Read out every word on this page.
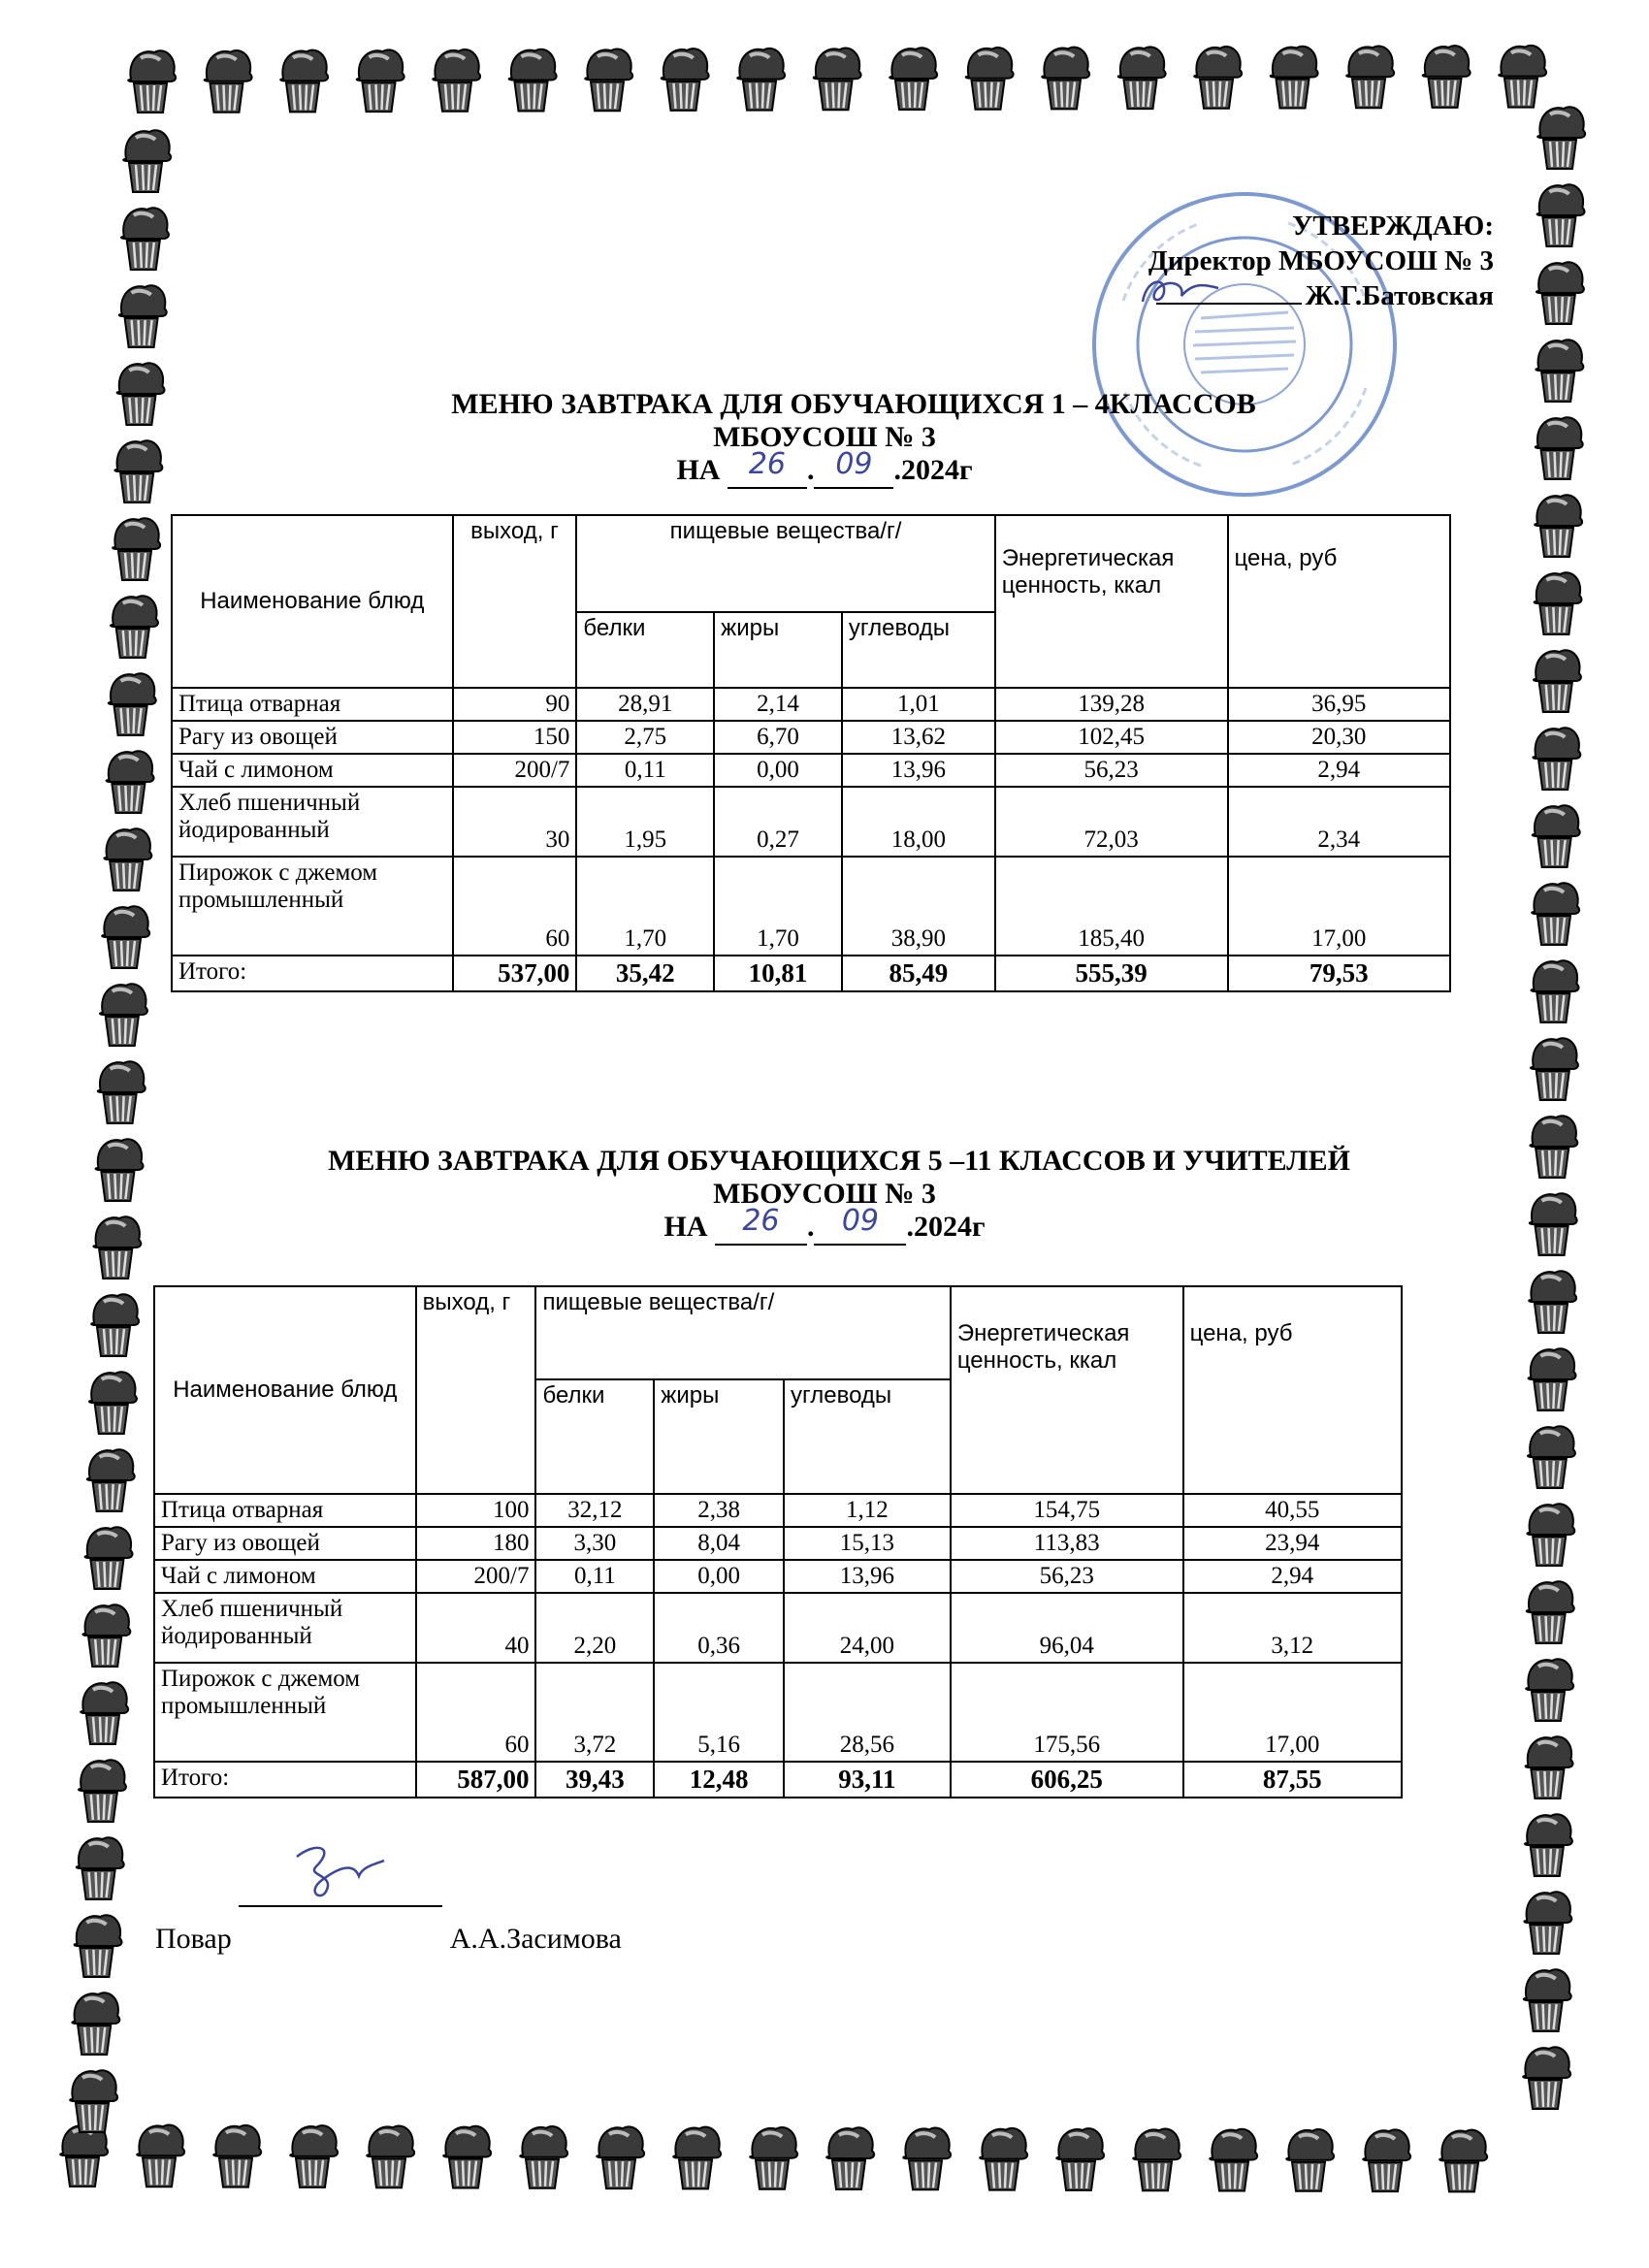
УТВЕРЖДАЮ:
Директор МБОУСОШ № 3
Ж.Г.Батовская
МЕНЮ ЗАВТРАКА ДЛЯ ОБУЧАЮЩИХСЯ 1 – 4КЛАССОВ
МБОУСОШ № 3
НА 26 . 09 .2024г
Наименование блюд	выход, г	пищевые вещества/г/			Энергетическая ценность, ккал	цена, руб
		белки	жиры	углеводы		
Птица отварная	90	28,91	2,14	1,01	139,28	36,95
Рагу из овощей	150	2,75	6,70	13,62	102,45	20,30
Чай с лимоном	200/7	0,11	0,00	13,96	56,23	2,94
Хлеб пшеничный йодированный	30	1,95	0,27	18,00	72,03	2,34
Пирожок с джемом промышленный	60	1,70	1,70	38,90	185,40	17,00
Итого:	537,00	35,42	10,81	85,49	555,39	79,53
МЕНЮ ЗАВТРАКА ДЛЯ ОБУЧАЮЩИХСЯ 5 –11 КЛАССОВ И УЧИТЕЛЕЙ
МБОУСОШ № 3
НА 26 . 09 .2024г
Наименование блюд	выход, г	пищевые вещества/г/			Энергетическая ценность, ккал	цена, руб
		белки	жиры	углеводы		
Птица отварная	100	32,12	2,38	1,12	154,75	40,55
Рагу из овощей	180	3,30	8,04	15,13	113,83	23,94
Чай с лимоном	200/7	0,11	0,00	13,96	56,23	2,94
Хлеб пшеничный йодированный	40	2,20	0,36	24,00	96,04	3,12
Пирожок с джемом промышленный	60	3,72	5,16	28,56	175,56	17,00
Итого:	587,00	39,43	12,48	93,11	606,25	87,55
Повар	А.А.Засимова
